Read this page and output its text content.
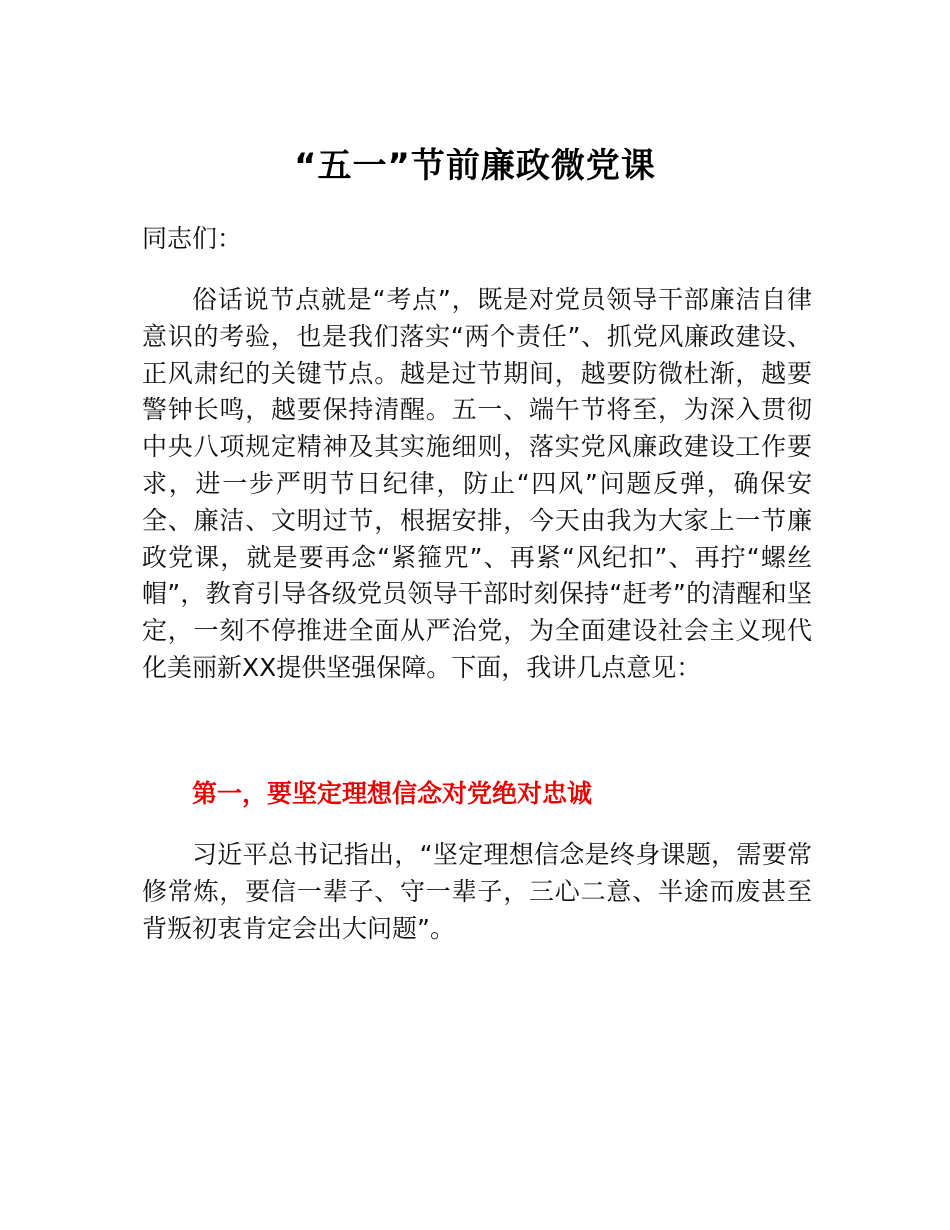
“五一”节前廉政微党课
同志们：
俗话说节点就是“考点”，既是对党员领导干部廉洁自律意识的考验，也是我们落实“两个责任”、抓党风廉政建设、正风肃纪的关键节点。越是过节期间，越要防微杜渐，越要警钟长鸣，越要保持清醒。五一、端午节将至，为深入贯彻中央八项规定精神及其实施细则，落实党风廉政建设工作要求，进一步严明节日纪律，防止“四风”问题反弹，确保安全、廉洁、文明过节，根据安排，今天由我为大家上一节廉政党课，就是要再念“紧箍咒”、再紧“风纪扣”、再拧“螺丝帽”，教育引导各级党员领导干部时刻保持“赶考”的清醒和坚定，一刻不停推进全面从严治党，为全面建设社会主义现代化美丽新XX提供坚强保障。下面，我讲几点意见：
第一，要坚定理想信念对党绝对忠诚
习近平总书记指出，“坚定理想信念是终身课题，需要常修常炼，要信一辈子、守一辈子，三心二意、半途而废甚至背叛初衷肯定会出大问题”。
